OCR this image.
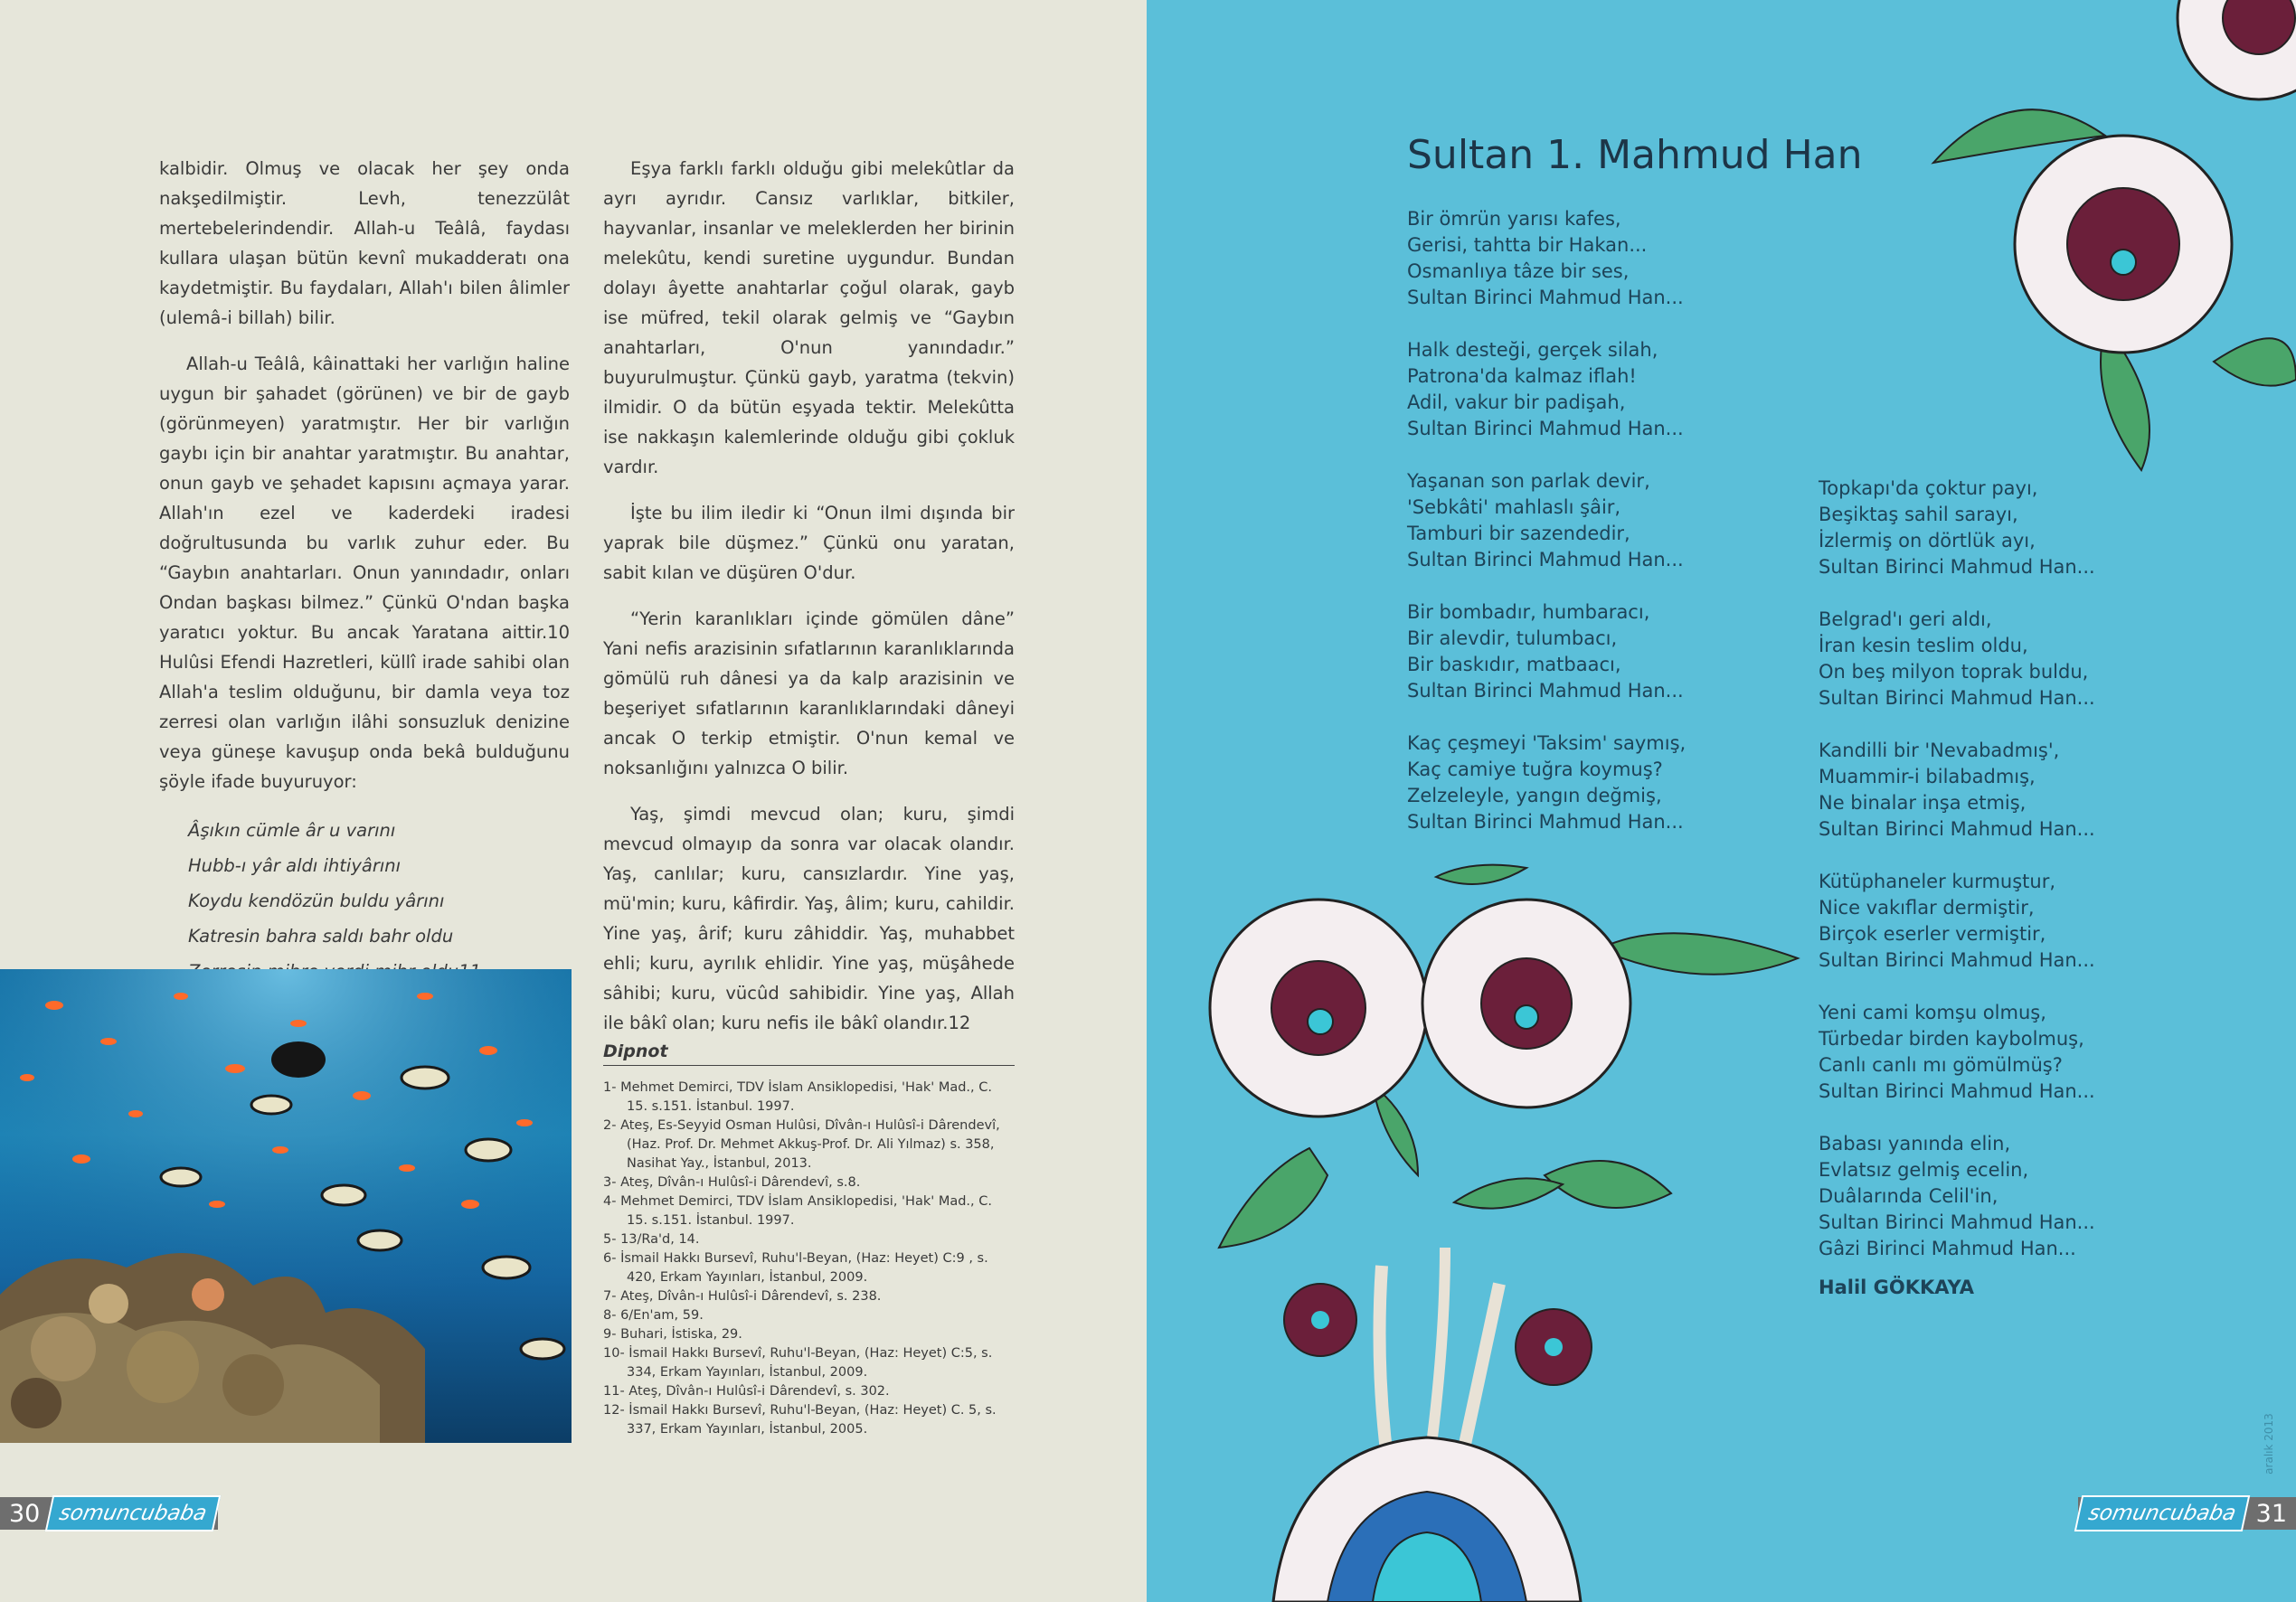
kalbidir. Olmuş ve olacak her şey onda nakşedilmiştir. Levh, tenezzülât mertebelerindendir. Allah-u Teâlâ, faydası kullara ulaşan bütün kevnî mukadderatı ona kaydetmiştir. Bu faydaları, Allah'ı bilen âlimler (ulemâ-i billah) bilir.

Allah-u Teâlâ, kâinattaki her varlığın haline uygun bir şahadet (görünen) ve bir de gayb (görünmeyen) yaratmıştır. Her bir varlığın gaybı için bir anahtar yaratmıştır. Bu anahtar, onun gayb ve şehadet kapısını açmaya yarar. Allah'ın ezel ve kaderdeki iradesi doğrultusunda bu varlık zuhur eder. Bu “Gaybın anahtarları. Onun yanındadır, onları Ondan başkası bilmez.” Çünkü O'ndan başka yaratıcı yoktur. Bu ancak Yaratana aittir.10 Hulûsi Efendi Hazretleri, küllî irade sahibi olan Allah'a teslim olduğunu, bir damla veya toz zerresi olan varlığın ilâhi sonsuzluk denizine veya güneşe kavuşup onda bekâ bulduğunu şöyle ifade buyuruyor:

Âşıkın cümle âr u varını
Hubb-ı yâr aldı ihtiyârını
Koydu kendözün buldu yârını
Katresin bahra saldı bahr oldu

Eşya farklı farklı olduğu gibi melekûtlar da ayrı ayrıdır. Cansız varlıklar, bitkiler, hayvanlar, insanlar ve meleklerden her birinin melekûtu, kendi suretine uygundur. Bundan dolayı âyette anahtarlar çoğul olarak, gayb ise müfred, tekil olarak gelmiş ve “Gaybın anahtarları, O'nun yanındadır.” buyurulmuştur. Çünkü gayb, yaratma (tekvin) ilmidir. O da bütün eşyada tektir. Melekûtta ise nakkaşın kalemlerinde olduğu gibi çokluk vardır.

İşte bu ilim iledir ki “Onun ilmi dışında bir yaprak bile düşmez.” Çünkü onu yaratan, sabit kılan ve düşüren O'dur.

“Yerin karanlıkları içinde gömülen dâne” Yani nefis arazisinin sıfatlarının karanlıklarında gömülü ruh dânesi ya da kalp arazisinin ve beşeriyet sıfatlarının karanlıklarındaki dâneyi ancak O terkip etmiştir. O'nun kemal ve noksanlığını yalnızca O bilir.

Yaş, şimdi mevcud olan; kuru, şimdi mevcud olmayıp da sonra var olacak olandır. Yaş, canlılar; kuru, cansızlardır. Yine yaş, mü'min; kuru, kâfirdir. Yaş, âlim; kuru, cahildir. Yine yaş, ârif; kuru zâhiddir. Yaş, muhabbet ehli; kuru, ayrılık ehlidir. Yine yaş, müşâhede sâhibi; kuru, vücûd sahibidir. Yine yaş, Allah ile bâkî olan; kuru nefis ile bâkî olandır.12

Dipnot
1- Mehmet Demirci, TDV İslam Ansiklopedisi, 'Hak' Mad., C. 15. s.151. İstanbul. 1997.
2- Ateş, Es-Seyyid Osman Hulûsi, Dîvân-ı Hulûsî-i Dârendevî, (Haz. Prof. Dr. Mehmet Akkuş-Prof. Dr. Ali Yılmaz) s. 358, Nasihat Yay., İstanbul, 2013.
3- Ateş, Dîvân-ı Hulûsî-i Dârendevî, s.8.
4- Mehmet Demirci, TDV İslam Ansiklopedisi, 'Hak' Mad., C. 15. s.151. İstanbul. 1997.
5- 13/Ra'd, 14.
6- İsmail Hakkı Bursevî, Ruhu'l-Beyan, (Haz: Heyet) C:9 , s. 420, Erkam Yayınları, İstanbul, 2009.
7- Ateş, Dîvân-ı Hulûsî-i Dârendevî, s. 238.
8- 6/En'am, 59.
9- Buhari, İstiska, 29.
10- İsmail Hakkı Bursevî, Ruhu'l-Beyan, (Haz: Heyet) C:5, s. 334, Erkam Yayınları, İstanbul, 2009.
11- Ateş, Dîvân-ı Hulûsî-i Dârendevî, s. 302.
12- İsmail Hakkı Bursevî, Ruhu'l-Beyan, (Haz: Heyet) C. 5, s. 337, Erkam Yayınları, İstanbul, 2005.
30 somuncubaba
Sultan 1. Mahmud Han
Bir ömrün yarısı kafes,
Gerisi, tahtta bir Hakan...
Osmanlıya tâze bir ses,
Sultan Birinci Mahmud Han...
Halk desteği, gerçek silah,
Patrona'da kalmaz iflah!
Adil, vakur bir padişah,
Sultan Birinci Mahmud Han...
Yaşanan son parlak devir,
'Sebkâti' mahlaslı şâir,
Tamburi bir sazendedir,
Sultan Birinci Mahmud Han...
Bir bombadır, humbaracı,
Bir alevdir, tulumbacı,
Bir baskıdır, matbaacı,
Sultan Birinci Mahmud Han...
Kaç çeşmeyi 'Taksim' saymış,
Kaç camiye tuğra koymuş?
Zelzeleyle, yangın değmiş,
Sultan Birinci Mahmud Han...
Topkapı'da çoktur payı,
Beşiktaş sahil sarayı,
İzlermiş on dörtlük ayı,
Sultan Birinci Mahmud Han...
Belgrad'ı geri aldı,
İran kesin teslim oldu,
On beş milyon toprak buldu,
Sultan Birinci Mahmud Han...
Kandilli bir 'Nevabadmış',
Muammir-i bilabadmış,
Ne binalar inşa etmiş,
Sultan Birinci Mahmud Han...
Kütüphaneler kurmuştur,
Nice vakıflar dermiştir,
Birçok eserler vermiştir,
Sultan Birinci Mahmud Han...
Yeni cami komşu olmuş,
Türbedar birden kaybolmuş,
Canlı canlı mı gömülmüş?
Sultan Birinci Mahmud Han...
Babası yanında elin,
Evlatsız gelmiş ecelin,
Duâlarında Celil'in,
Sultan Birinci Mahmud Han...
Gâzi Birinci Mahmud Han...
Halil GÖKKAYA
aralık 2013
somuncubaba 31
